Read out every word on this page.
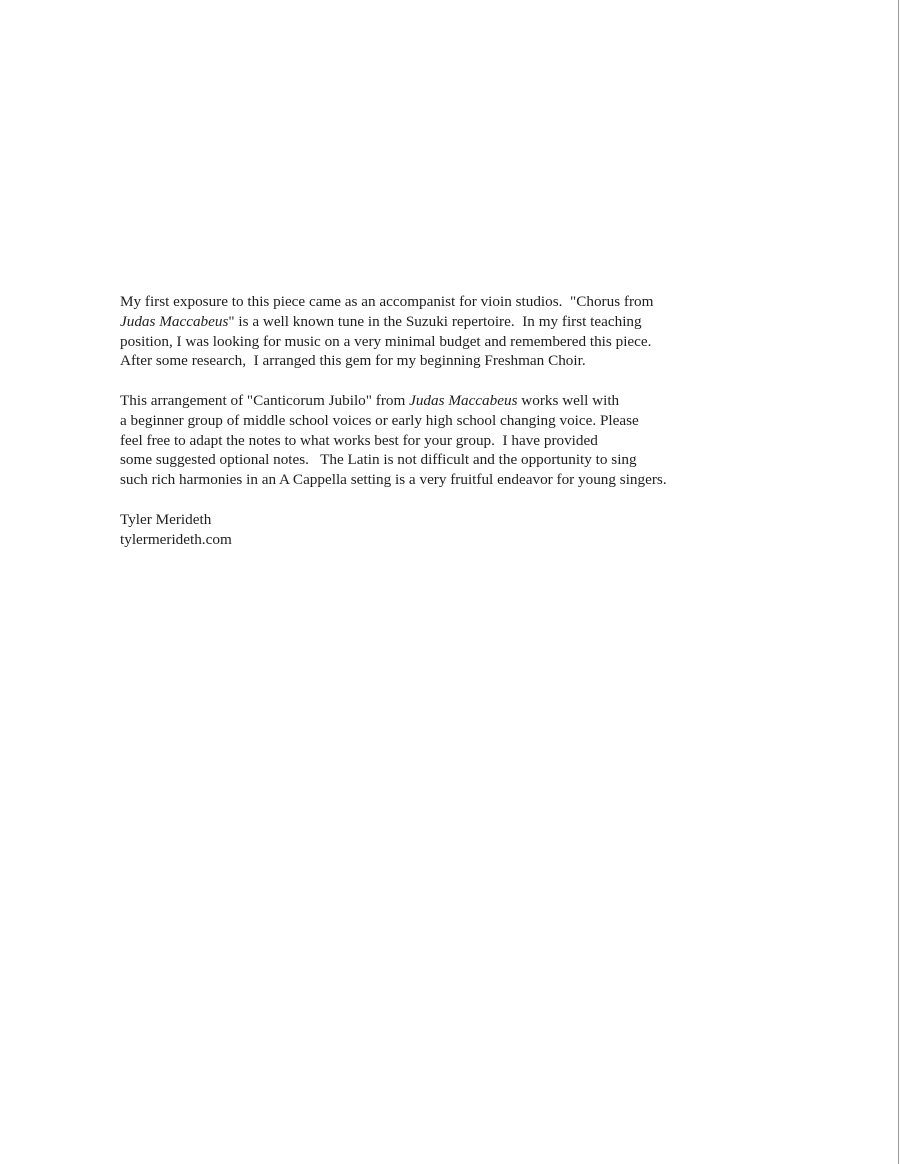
My first exposure to this piece came as an accompanist for vioin studios.  "Chorus from
Judas Maccabeus" is a well known tune in the Suzuki repertoire.  In my first teaching
position, I was looking for music on a very minimal budget and remembered this piece.
After some research,  I arranged this gem for my beginning Freshman Choir.

This arrangement of "Canticorum Jubilo" from Judas Maccabeus works well with
a beginner group of middle school voices or early high school changing voice. Please
feel free to adapt the notes to what works best for your group.  I have provided
some suggested optional notes.   The Latin is not difficult and the opportunity to sing
such rich harmonies in an A Cappella setting is a very fruitful endeavor for young singers.

Tyler Merideth
tylermerideth.com
